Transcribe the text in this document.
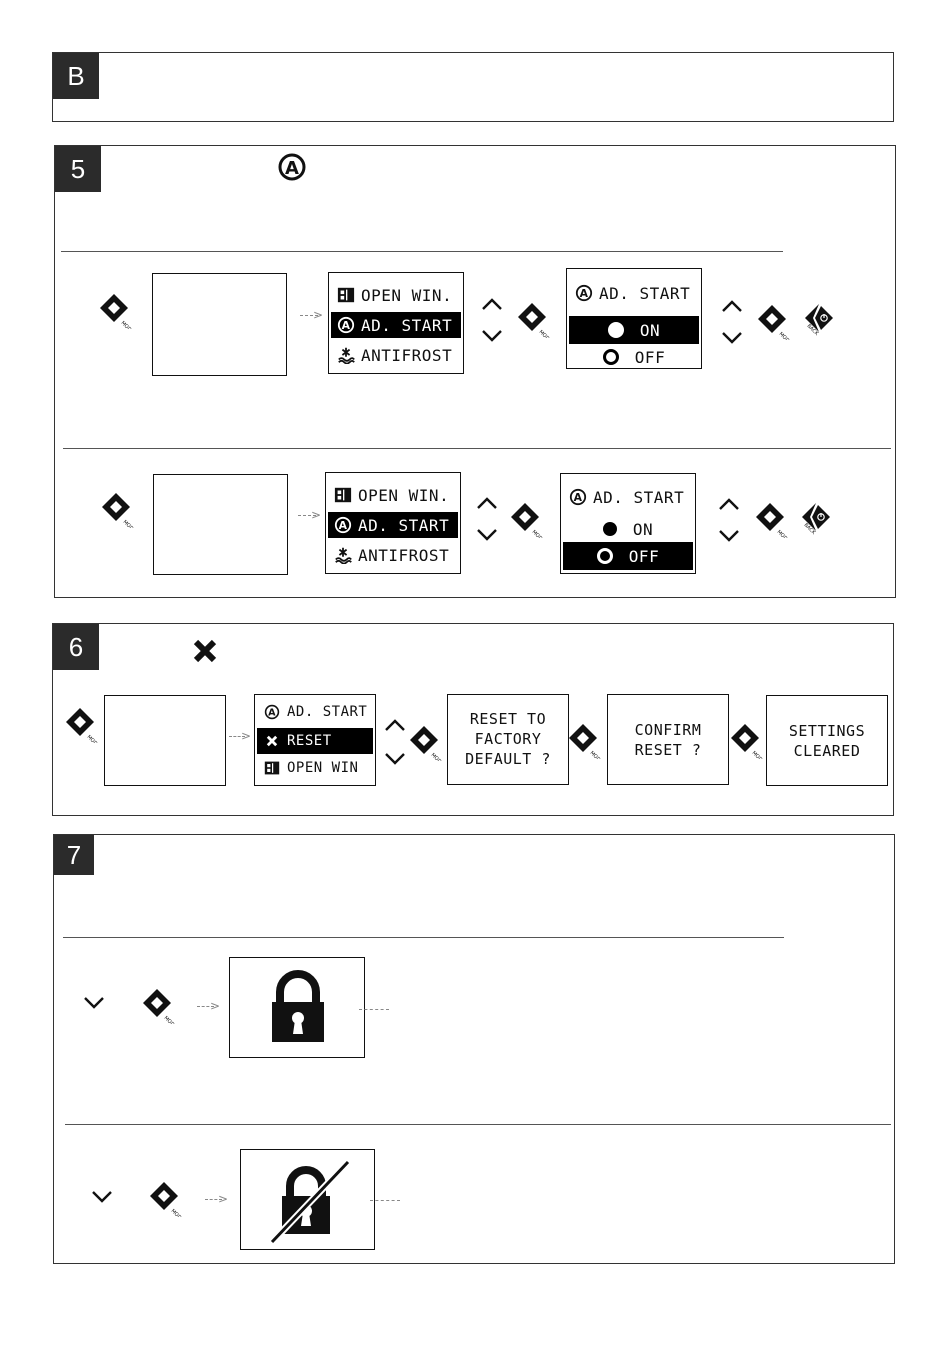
B
5
>
OPEN WIN.
AD. START
ANTIFROST
AD. START
ON
OFF
>
OPEN WIN.
AD. START
ANTIFROST
AD. START
ON
OFF
6
>
AD. START
RESET
OPEN WIN
RESET TO
FACTORY
DEFAULT ?
CONFIRM
RESET ?
SETTINGS
CLEARED
7
>
>
